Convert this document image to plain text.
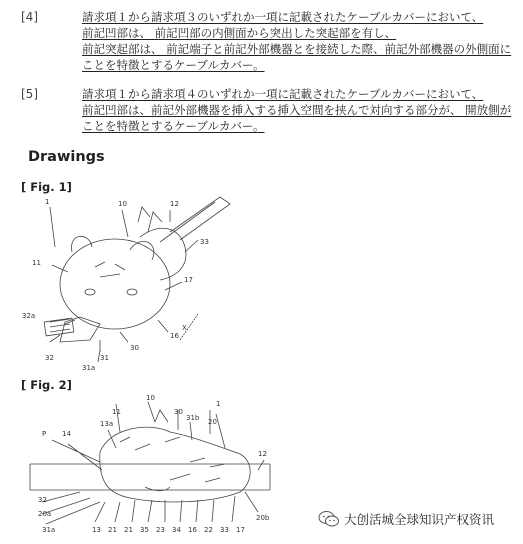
[4]	請求項１から請求項３のいずれか一項に記載されたケーブルカバーにおいて、
前記凹部は、 前記凹部の内側面から突出した突起部を有し、
前記突起部は、 前記端子と前記外部機器とを接続した際、前記外部機器の外側面に
ことを特徴とするケーブルカバー。
[5]	請求項１から請求項４のいずれか一項に記載されたケーブルカバーにおいて、
前記凹部は、前記外部機器を挿入する挿入空間を挟んで対向する部分が、 開放側が
ことを特徴とするケーブルカバー。
Drawings
[ Fig. 1]
1	10	12
33
11
17
32a
X
16
30
32	31
31a
[ Fig. 2]
10
1
11	30
P 14
13a
31b 20
12
32
20a
31a	13 21 21 35 23 34 16 22 33 17
20b	大创活城全球知识产权资讯
